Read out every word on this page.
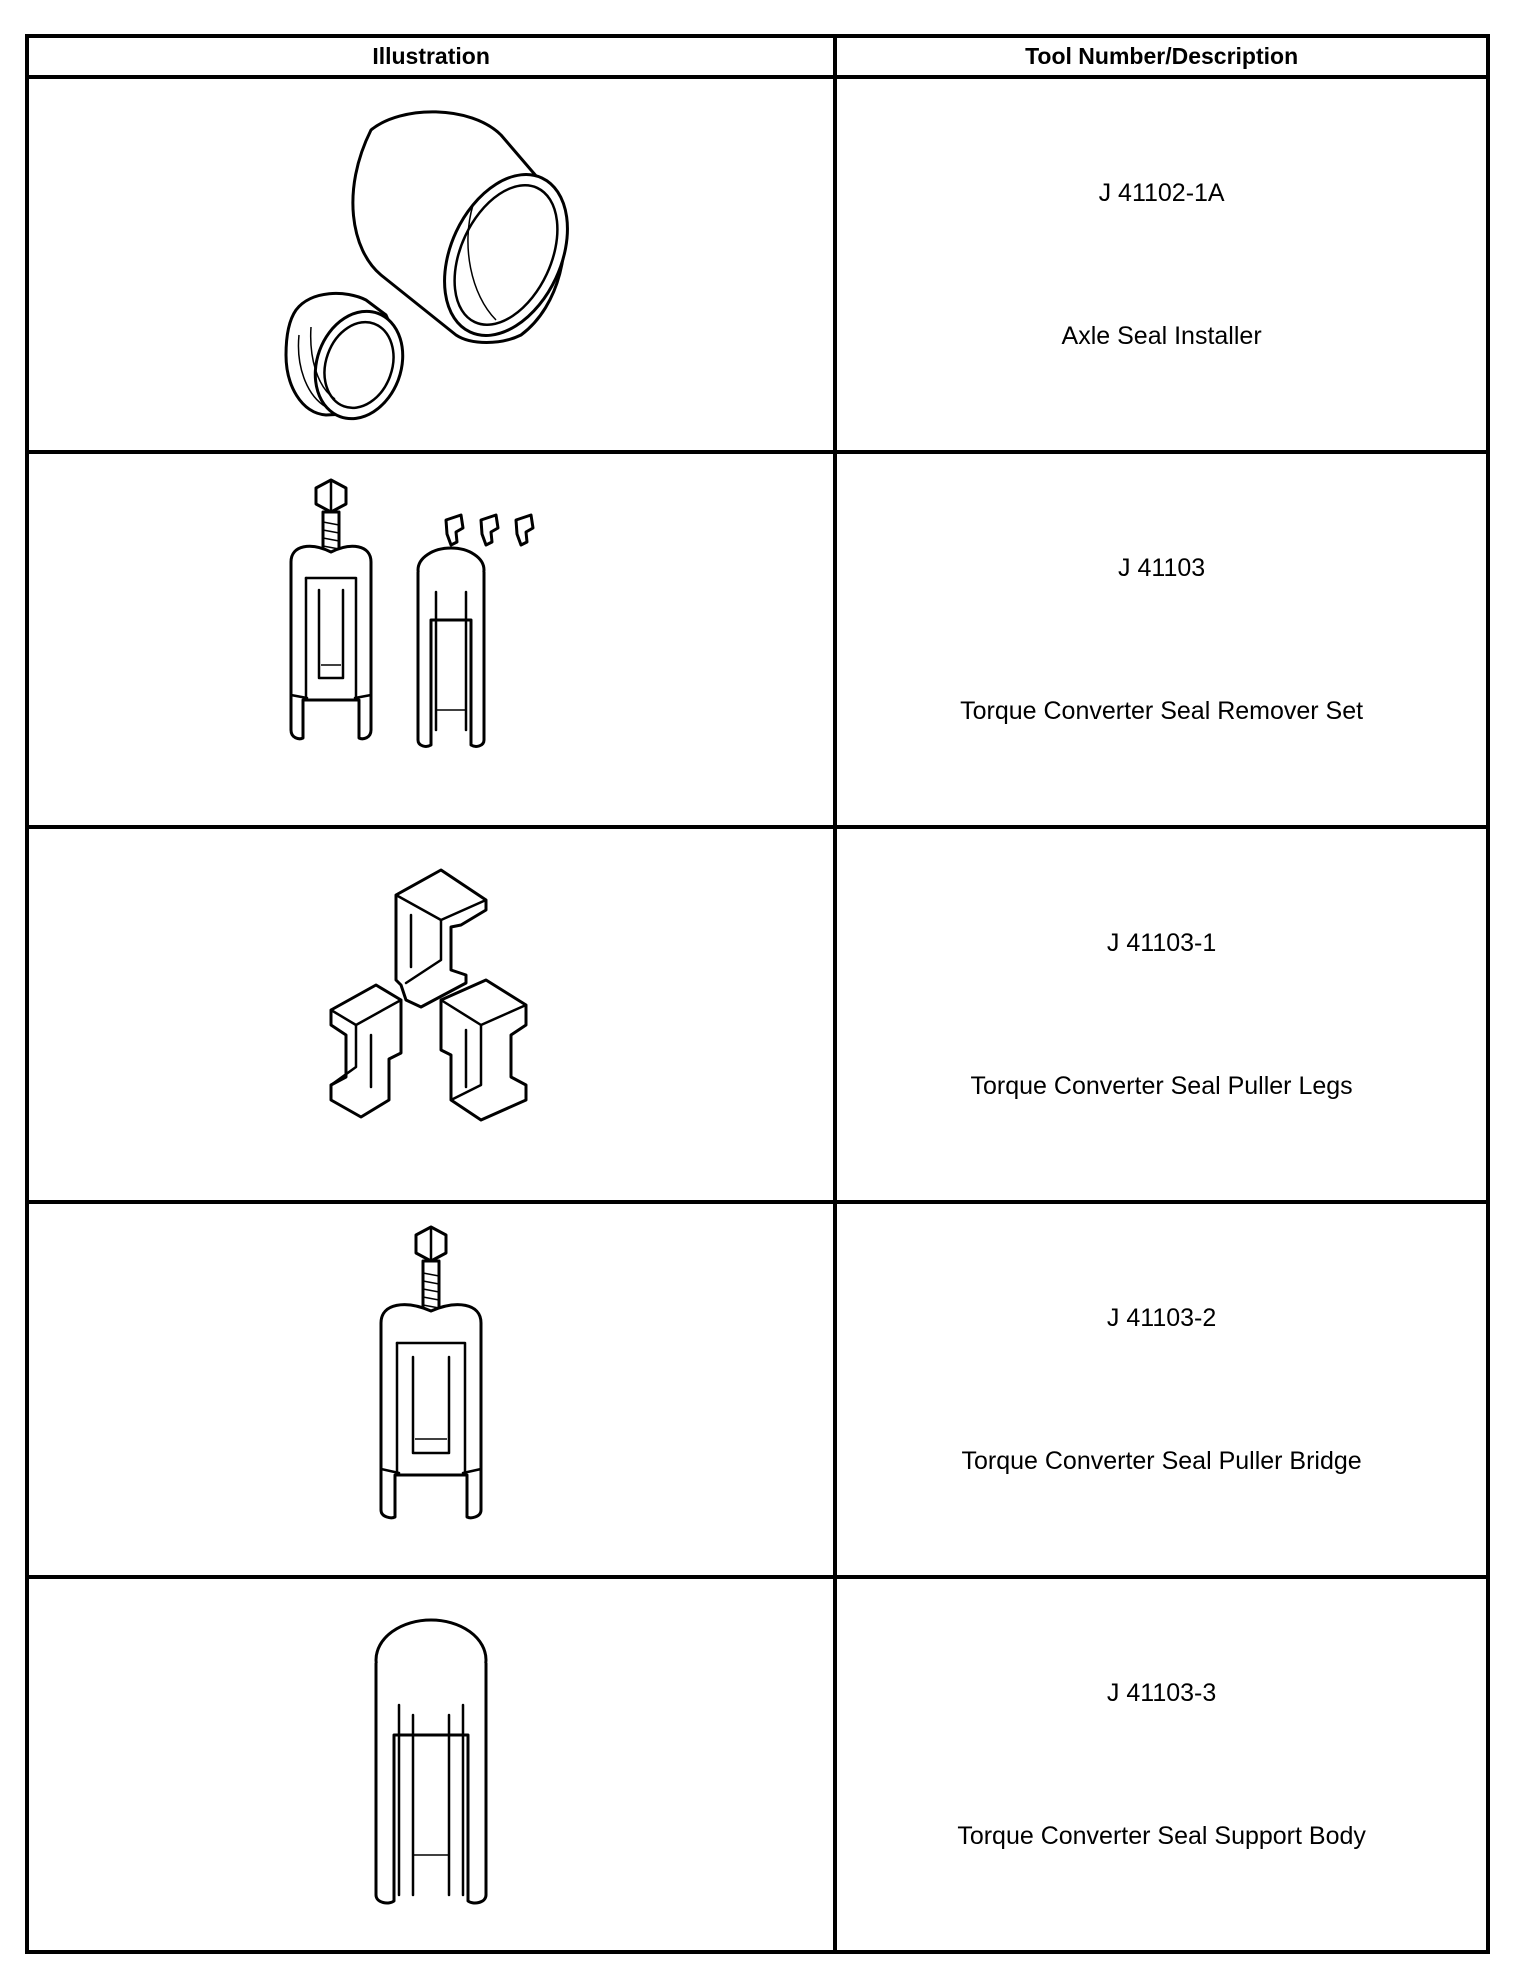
Illustration	Tool Number/Description

J 41102-1A
Axle Seal Installer

J 41103
Torque Converter Seal Remover Set

J 41103-1
Torque Converter Seal Puller Legs

J 41103-2
Torque Converter Seal Puller Bridge

J 41103-3
Torque Converter Seal Support Body
